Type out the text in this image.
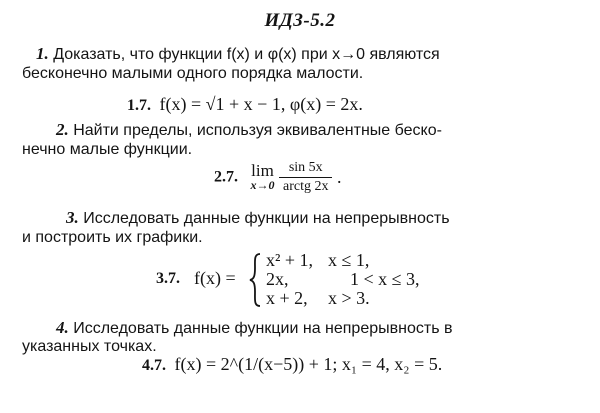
ИДЗ-5.2
1. Доказать, что функции f(x) и φ(x) при x→0 являются
бесконечно малыми одного порядка малости.
1.7. f(x) = √1 + x − 1, φ(x) = 2x.
2. Найти пределы, используя эквивалентные беско-
нечно малые функции.
2.7. lim
x→0
$\frac{\sin 5x}{\text{arctg 2x}}$ .
3. Исследовать данные функции на непрерывность
и построить их графики.
3.7. f(x) =
x² + 1, x ≤ 1,
2x,	1 < x ≤ 3,
x + 2, x > 3.
4. Исследовать данные функции на непрерывность в
указанных точках.
4.7. f(x) = 2^(1/(x−5)) + 1; x₁ = 4, x₂ = 5.
